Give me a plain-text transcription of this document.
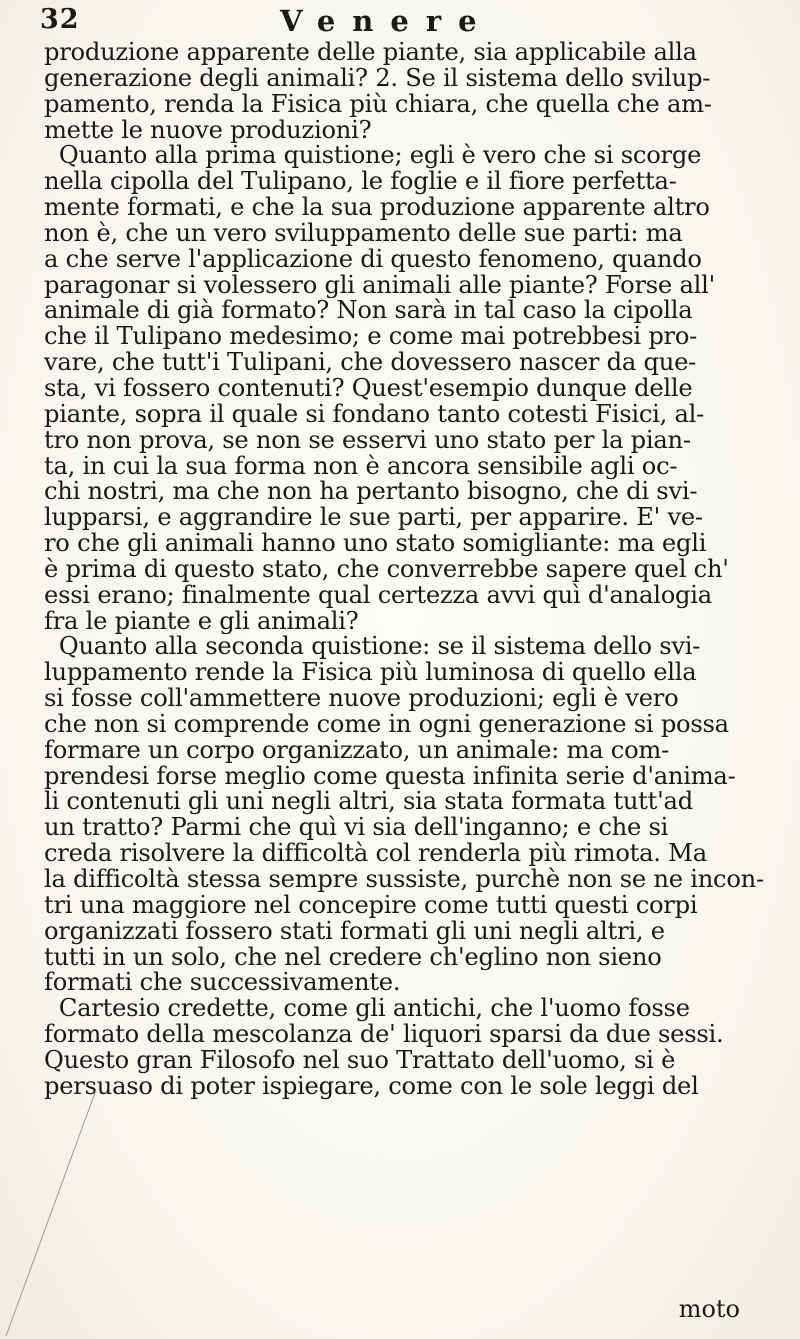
32	Venere
produzione apparente delle piante, sia applicabile alla
generazione degli animali? 2. Se il sistema dello svilup-
pamento, renda la Fisica più chiara, che quella che am-
mette le nuove produzioni?
Quanto alla prima quistione; egli è vero che si scorge
nella cipolla del Tulipano, le foglie e il fiore perfetta-
mente formati, e che la sua produzione apparente altro
non è, che un vero sviluppamento delle sue parti: ma
a che serve l'applicazione di questo fenomeno, quando
paragonar si volessero gli animali alle piante? Forse all'
animale di già formato? Non sarà in tal caso la cipolla
che il Tulipano medesimo; e come mai potrebbesi pro-
vare, che tutt'i Tulipani, che dovessero nascer da que-
sta, vi fossero contenuti? Quest'esempio dunque delle
piante, sopra il quale si fondano tanto cotesti Fisici, al-
tro non prova, se non se esservi uno stato per la pian-
ta, in cui la sua forma non è ancora sensibile agli oc-
chi nostri, ma che non ha pertanto bisogno, che di svi-
lupparsi, e aggrandire le sue parti, per apparire. E' ve-
ro che gli animali hanno uno stato somigliante: ma egli
è prima di questo stato, che converrebbe sapere quel ch'
essi erano; finalmente qual certezza avvi quì d'analogia
fra le piante e gli animali?
Quanto alla seconda quistione: se il sistema dello svi-
luppamento rende la Fisica più luminosa di quello ella
si fosse coll'ammettere nuove produzioni; egli è vero
che non si comprende come in ogni generazione si possa
formare un corpo organizzato, un animale: ma com-
prendesi forse meglio come questa infinita serie d'anima-
li contenuti gli uni negli altri, sia stata formata tutt'ad
un tratto? Parmi che quì vi sia dell'inganno; e che si
creda risolvere la difficoltà col renderla più rimota. Ma
la difficoltà stessa sempre sussiste, purchè non se ne incon-
tri una maggiore nel concepire come tutti questi corpi
organizzati fossero stati formati gli uni negli altri, e
tutti in un solo, che nel credere ch'eglino non sieno
formati che successivamente.
Cartesio credette, come gli antichi, che l'uomo fosse
formato della mescolanza de' liquori sparsi da due sessi.
Questo gran Filosofo nel suo Trattato dell'uomo, si è
persuaso di poter ispiegare, come con le sole leggi del
moto
